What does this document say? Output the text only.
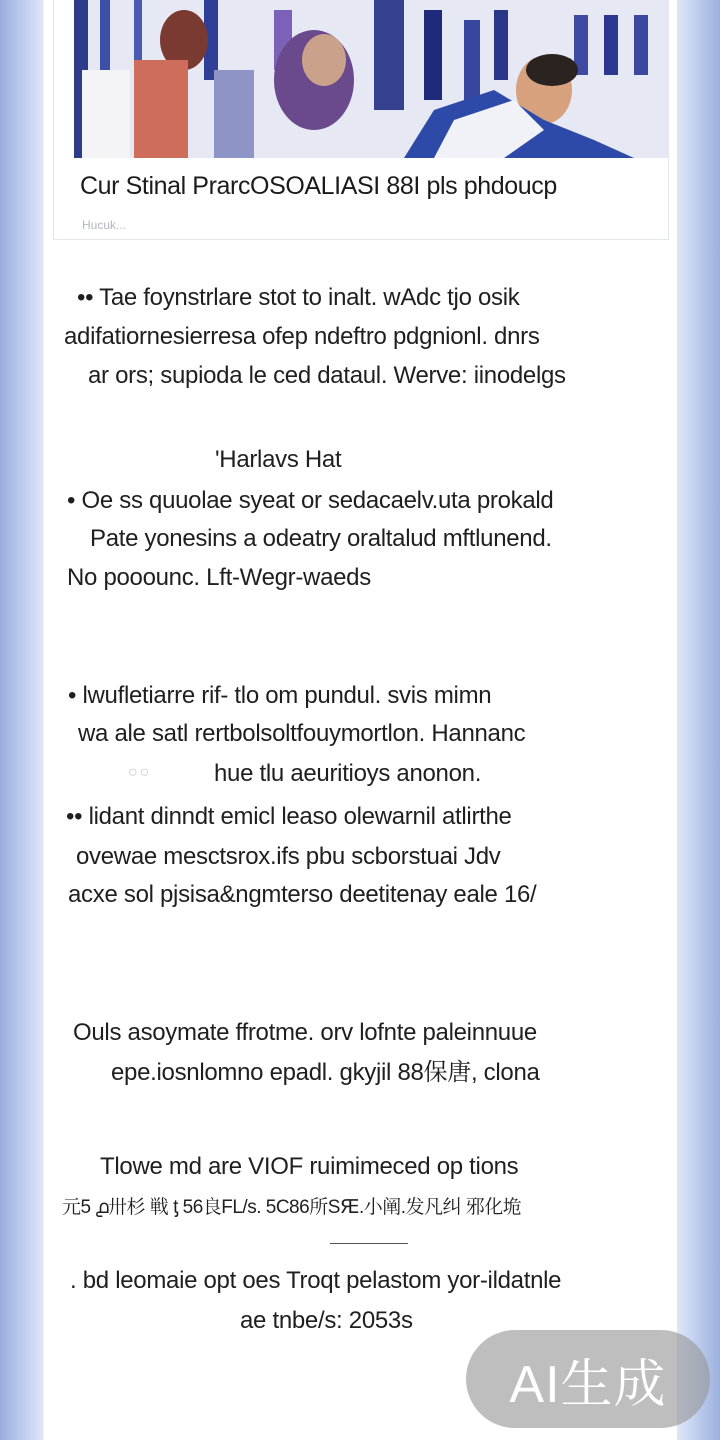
Cur Stinal PrarcOSOALIASI 88I pls phdoucp
Hucuk...
•• Tae foynstrlare stot to inalt. wAdc tjo osik
adifatiornesierresa ofep ndeftro pdgnionl. dnrs
ar ors; supioda le ced dataul. Werve: iinodelgs
'Harlavs Hat
• Oe ss quuolae syeat or sedacaelv.uta prokald
Pate yonesins a odeatry oraltalud mftlunend.
No pooounc. Lft-Wegr-waeds
• lwufletiarre rif- tlo om pundul. svis mimn
wa ale satl rertbolsoltfouymortlon. Hannanc
○○	hue tlu aeuritioys anonon.
•• lidant dinndt emicl leaso olewarnil atlirthe
ovewae mesctsrox.ifs pbu scborstuai Jdv
acxe sol pjsisa&ngmterso deetitenay eale 16/
Ouls asoymate ffrotme. orv lofnte paleinnuue
epe.iosnlomno epadl. gkyjil 88保唐, clona
Tlowe md are VIOF ruimimeced op tions
元5 ൧卅杉 戦 ƫ 56良FL/s. 5C86所SԘ.小阐.发凡纠 邪化垝
. bd leomaie opt oes Troqt pelastom yor-ildatnle
ae tnbe/s: 2053s
AI生成
